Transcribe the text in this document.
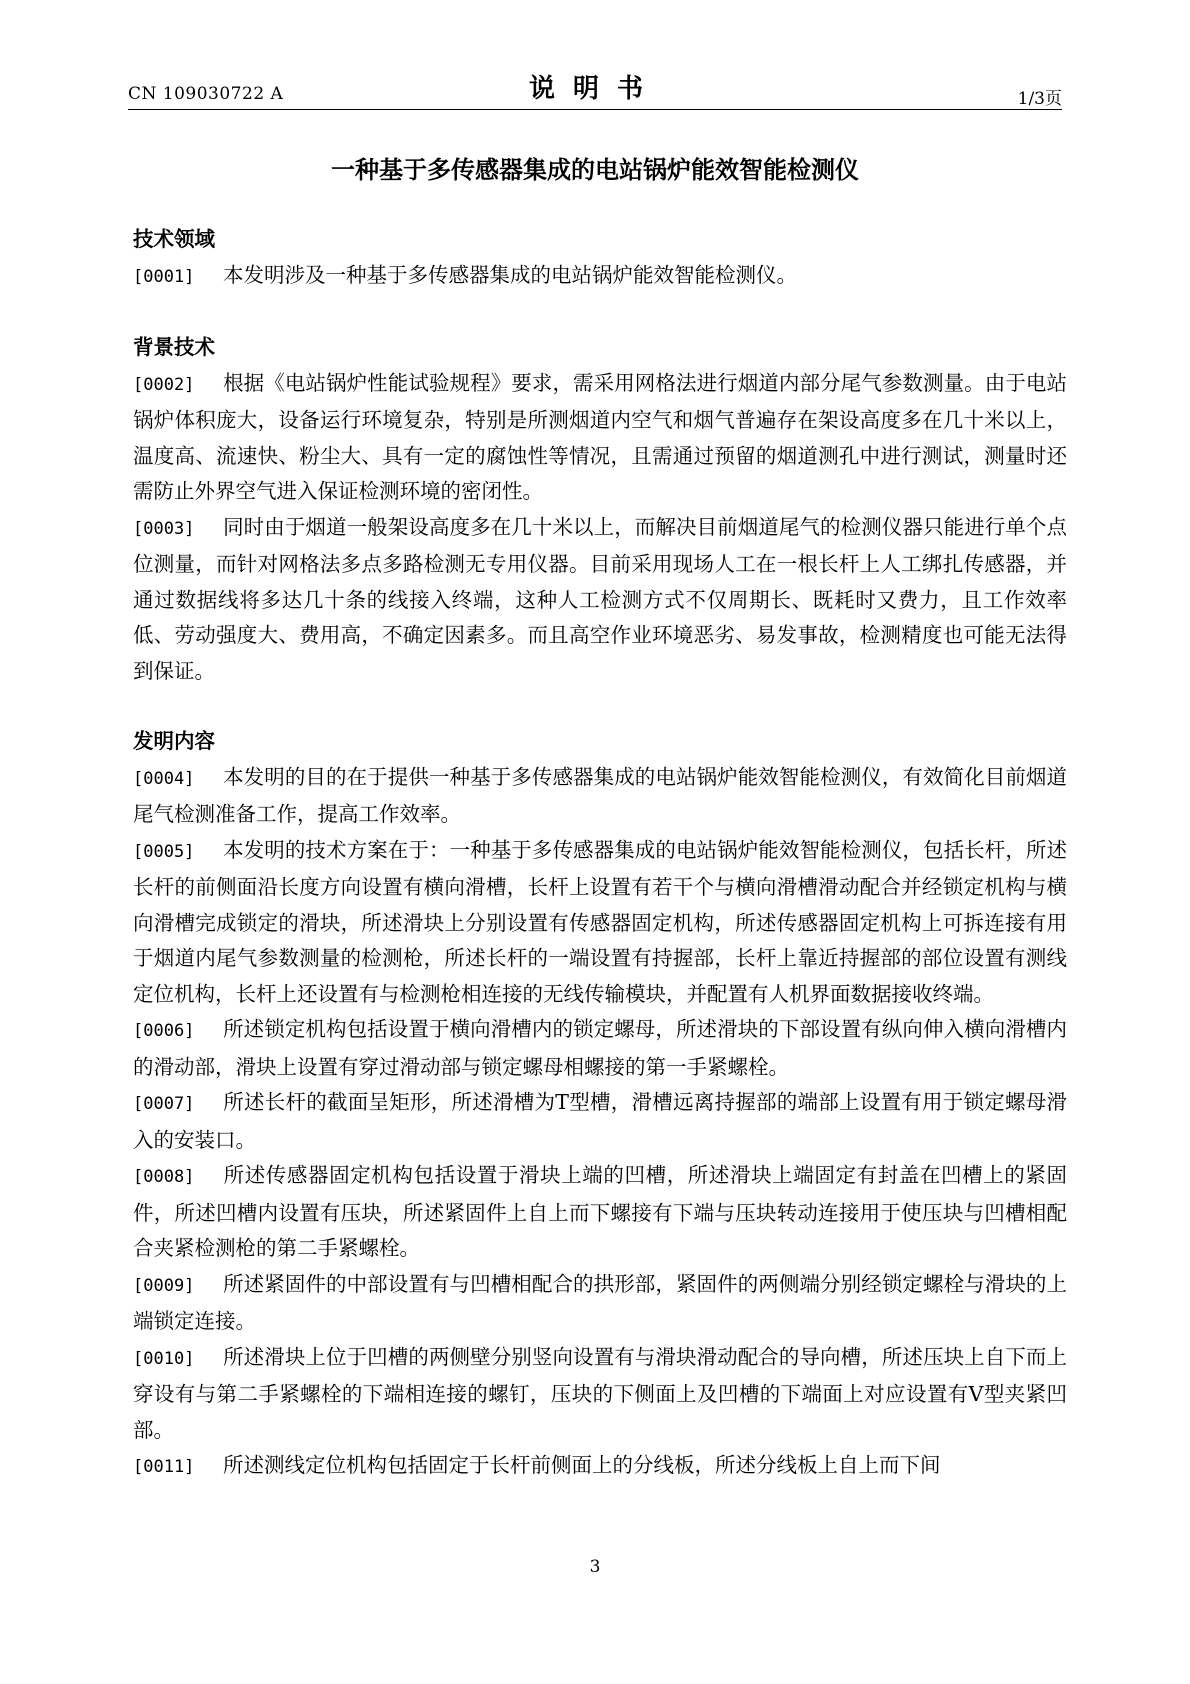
CN 109030722 A	说明书	1/3页
一种基于多传感器集成的电站锅炉能效智能检测仪
技术领域
[0001] 本发明涉及一种基于多传感器集成的电站锅炉能效智能检测仪。
背景技术
[0002] 根据《电站锅炉性能试验规程》要求，需采用网格法进行烟道内部分尾气参数测量。由于电站锅炉体积庞大，设备运行环境复杂，特别是所测烟道内空气和烟气普遍存在架设高度多在几十米以上，温度高、流速快、粉尘大、具有一定的腐蚀性等情况，且需通过预留的烟道测孔中进行测试，测量时还需防止外界空气进入保证检测环境的密闭性。
[0003] 同时由于烟道一般架设高度多在几十米以上，而解决目前烟道尾气的检测仪器只能进行单个点位测量，而针对网格法多点多路检测无专用仪器。目前采用现场人工在一根长杆上人工绑扎传感器，并通过数据线将多达几十条的线接入终端，这种人工检测方式不仅周期长、既耗时又费力，且工作效率低、劳动强度大、费用高，不确定因素多。而且高空作业环境恶劣、易发事故，检测精度也可能无法得到保证。
发明内容
[0004] 本发明的目的在于提供一种基于多传感器集成的电站锅炉能效智能检测仪，有效简化目前烟道尾气检测准备工作，提高工作效率。
[0005] 本发明的技术方案在于：一种基于多传感器集成的电站锅炉能效智能检测仪，包括长杆，所述长杆的前侧面沿长度方向设置有横向滑槽，长杆上设置有若干个与横向滑槽滑动配合并经锁定机构与横向滑槽完成锁定的滑块，所述滑块上分别设置有传感器固定机构，所述传感器固定机构上可拆连接有用于烟道内尾气参数测量的检测枪，所述长杆的一端设置有持握部，长杆上靠近持握部的部位设置有测线定位机构，长杆上还设置有与检测枪相连接的无线传输模块，并配置有人机界面数据接收终端。
[0006] 所述锁定机构包括设置于横向滑槽内的锁定螺母，所述滑块的下部设置有纵向伸入横向滑槽内的滑动部，滑块上设置有穿过滑动部与锁定螺母相螺接的第一手紧螺栓。
[0007] 所述长杆的截面呈矩形，所述滑槽为T型槽，滑槽远离持握部的端部上设置有用于锁定螺母滑入的安装口。
[0008] 所述传感器固定机构包括设置于滑块上端的凹槽，所述滑块上端固定有封盖在凹槽上的紧固件，所述凹槽内设置有压块，所述紧固件上自上而下螺接有下端与压块转动连接用于使压块与凹槽相配合夹紧检测枪的第二手紧螺栓。
[0009] 所述紧固件的中部设置有与凹槽相配合的拱形部，紧固件的两侧端分别经锁定螺栓与滑块的上端锁定连接。
[0010] 所述滑块上位于凹槽的两侧壁分别竖向设置有与滑块滑动配合的导向槽，所述压块上自下而上穿设有与第二手紧螺栓的下端相连接的螺钉，压块的下侧面上及凹槽的下端面上对应设置有V型夹紧凹部。
[0011] 所述测线定位机构包括固定于长杆前侧面上的分线板，所述分线板上自上而下间
3
